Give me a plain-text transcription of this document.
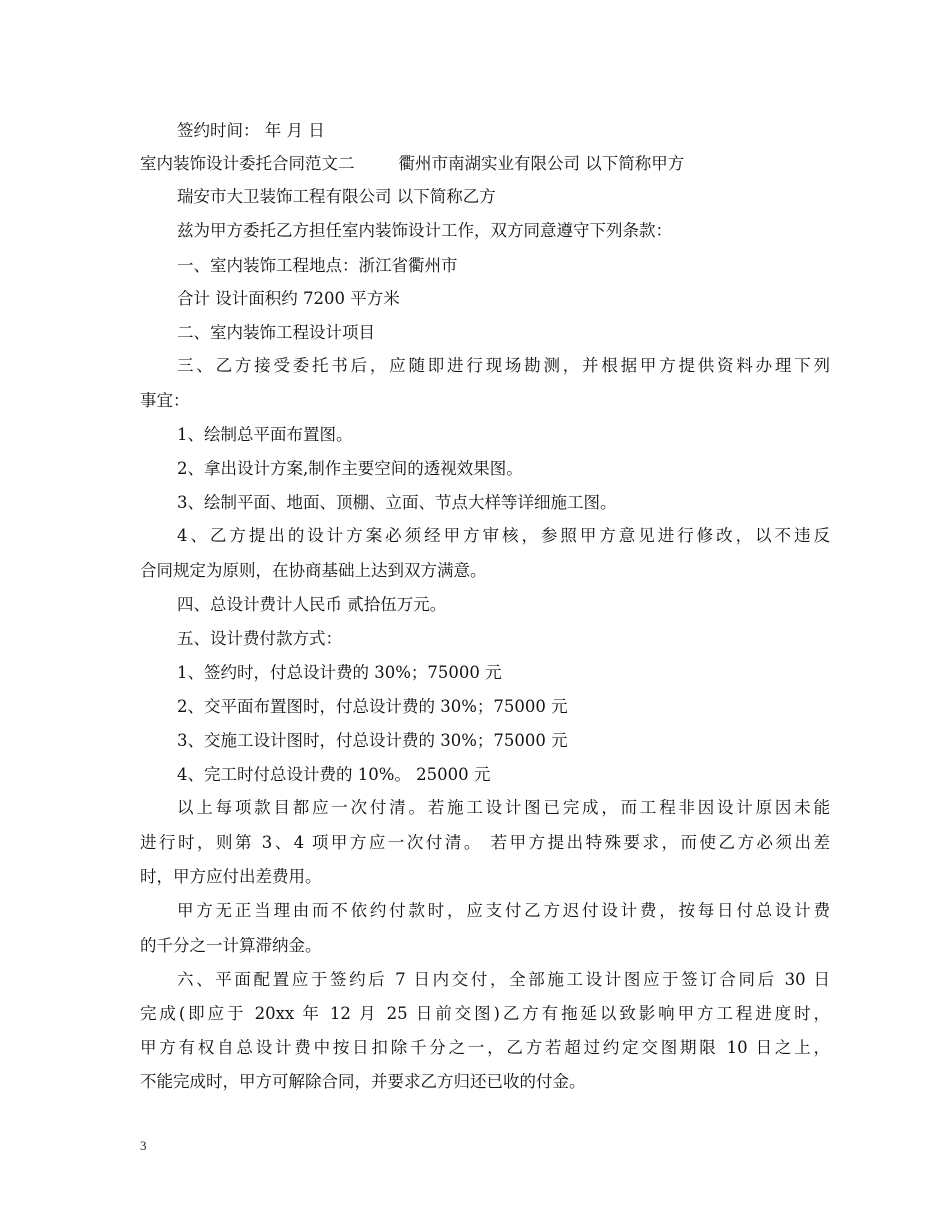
签约时间： 年 月 日
室内装饰设计委托合同范文二	衢州市南湖实业有限公司 以下简称甲方
瑞安市大卫装饰工程有限公司 以下简称乙方
兹为甲方委托乙方担任室内装饰设计工作，双方同意遵守下列条款：
一、室内装饰工程地点：浙江省衢州市
合计 设计面积约 7200 平方米
二、室内装饰工程设计项目
三、乙方接受委托书后，应随即进行现场勘测，并根据甲方提供资料办理下列
事宜：
1、绘制总平面布置图。
2、拿出设计方案,制作主要空间的透视效果图。
3、绘制平面、地面、顶棚、立面、节点大样等详细施工图。
4、乙方提出的设计方案必须经甲方审核，参照甲方意见进行修改，以不违反
合同规定为原则，在协商基础上达到双方满意。
四、总设计费计人民币 贰拾伍万元。
五、设计费付款方式：
1、签约时，付总设计费的 30%；75000 元
2、交平面布置图时，付总设计费的 30%；75000 元
3、交施工设计图时，付总设计费的 30%；75000 元
4、完工时付总设计费的 10%。 25000 元
以上每项款目都应一次付清。若施工设计图已完成，而工程非因设计原因未能
进行时，则第 3、4 项甲方应一次付清。 若甲方提出特殊要求，而使乙方必须出差
时，甲方应付出差费用。
甲方无正当理由而不依约付款时，应支付乙方迟付设计费，按每日付总设计费
的千分之一计算滞纳金。
六、平面配置应于签约后 7 日内交付，全部施工设计图应于签订合同后 30 日
完成(即应于 20xx 年 12 月 25 日前交图)乙方有拖延以致影响甲方工程进度时，
甲方有权自总设计费中按日扣除千分之一，乙方若超过约定交图期限 10 日之上，
不能完成时，甲方可解除合同，并要求乙方归还已收的付金。
3
